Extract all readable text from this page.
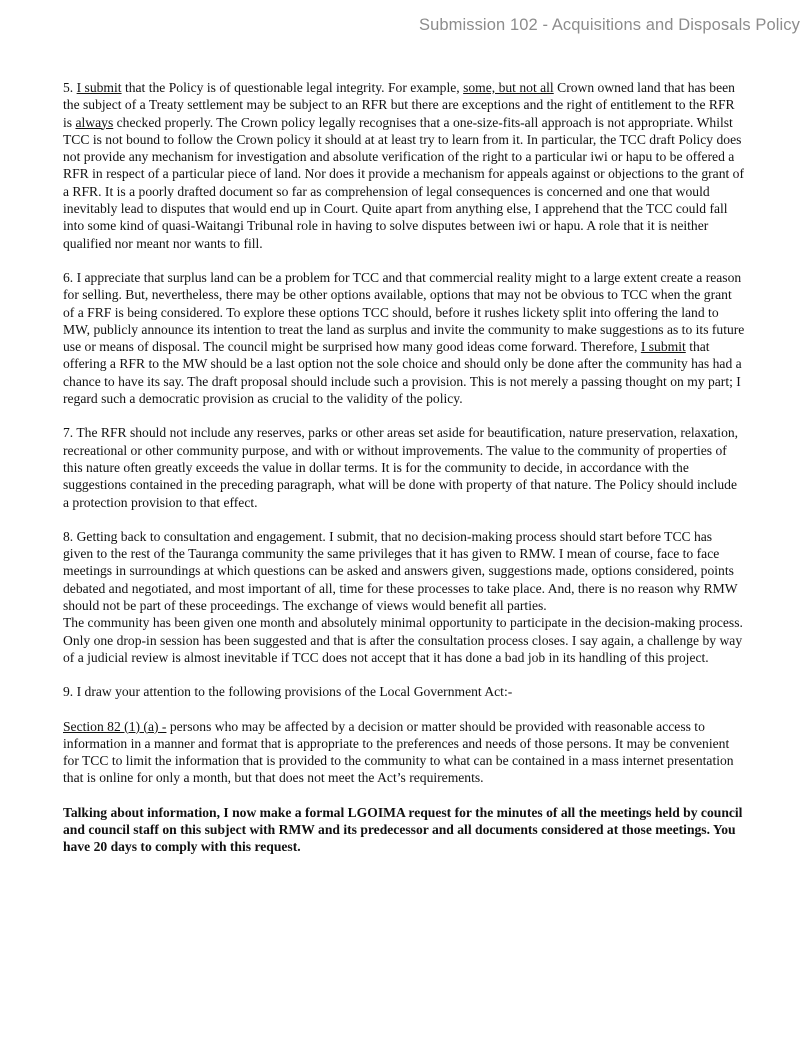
Submission 102 - Acquisitions and Disposals Policy

5. I submit that the Policy is of questionable legal integrity. For example, some, but not all Crown owned land that has been the subject of a Treaty settlement may be subject to an RFR but there are exceptions and the right of entitlement to the RFR is always checked properly. The Crown policy legally recognises that a one-size-fits-all approach is not appropriate. Whilst TCC is not bound to follow the Crown policy it should at at least try to learn from it. In particular, the TCC draft Policy does not provide any mechanism for investigation and absolute verification of the right to a particular iwi or hapu to be offered a RFR in respect of a particular piece of land. Nor does it provide a mechanism for appeals against or objections to the grant of a RFR. It is a poorly drafted document so far as comprehension of legal consequences is concerned and one that would inevitably lead to disputes that would end up in Court. Quite apart from anything else, I apprehend that the TCC could fall into some kind of quasi-Waitangi Tribunal role in having to solve disputes between iwi or hapu. A role that it is neither qualified nor meant nor wants to fill.

6. I appreciate that surplus land can be a problem for TCC and that commercial reality might to a large extent create a reason for selling. But, nevertheless, there may be other options available, options that may not be obvious to TCC when the grant of a FRF is being considered. To explore these options TCC should, before it rushes lickety split into offering the land to MW, publicly announce its intention to treat the land as surplus and invite the community to make suggestions as to its future use or means of disposal. The council might be surprised how many good ideas come forward. Therefore, I submit that offering a RFR to the MW should be a last option not the sole choice and should only be done after the community has had a chance to have its say. The draft proposal should include such a provision. This is not merely a passing thought on my part; I regard such a democratic provision as crucial to the validity of the policy.

7. The RFR should not include any reserves, parks or other areas set aside for beautification, nature preservation, relaxation, recreational or other community purpose, and with or without improvements. The value to the community of properties of this nature often greatly exceeds the value in dollar terms. It is for the community to decide, in accordance with the suggestions contained in the preceding paragraph, what will be done with property of that nature. The Policy should include a protection provision to that effect.

8. Getting back to consultation and engagement. I submit, that no decision-making process should start before TCC has given to the rest of the Tauranga community the same privileges that it has given to RMW. I mean of course, face to face meetings in surroundings at which questions can be asked and answers given, suggestions made, options considered, points debated and negotiated, and most important of all, time for these processes to take place. And, there is no reason why RMW should not be part of these proceedings. The exchange of views would benefit all parties.

The community has been given one month and absolutely minimal opportunity to participate in the decision-making process. Only one drop-in session has been suggested and that is after the consultation process closes. I say again, a challenge by way of a judicial review is almost inevitable if TCC does not accept that it has done a bad job in its handling of this project.

9. I draw your attention to the following provisions of the Local Government Act:-

Section 82 (1) (a) - persons who may be affected by a decision or matter should be provided with reasonable access to information in a manner and format that is appropriate to the preferences and needs of those persons. It may be convenient for TCC to limit the information that is provided to the community to what can be contained in a mass internet presentation that is online for only a month, but that does not meet the Act’s requirements.

Talking about information, I now make a formal LGOIMA request for the minutes of all the meetings held by council and council staff on this subject with RMW and its predecessor and all documents considered at those meetings. You have 20 days to comply with this request.
